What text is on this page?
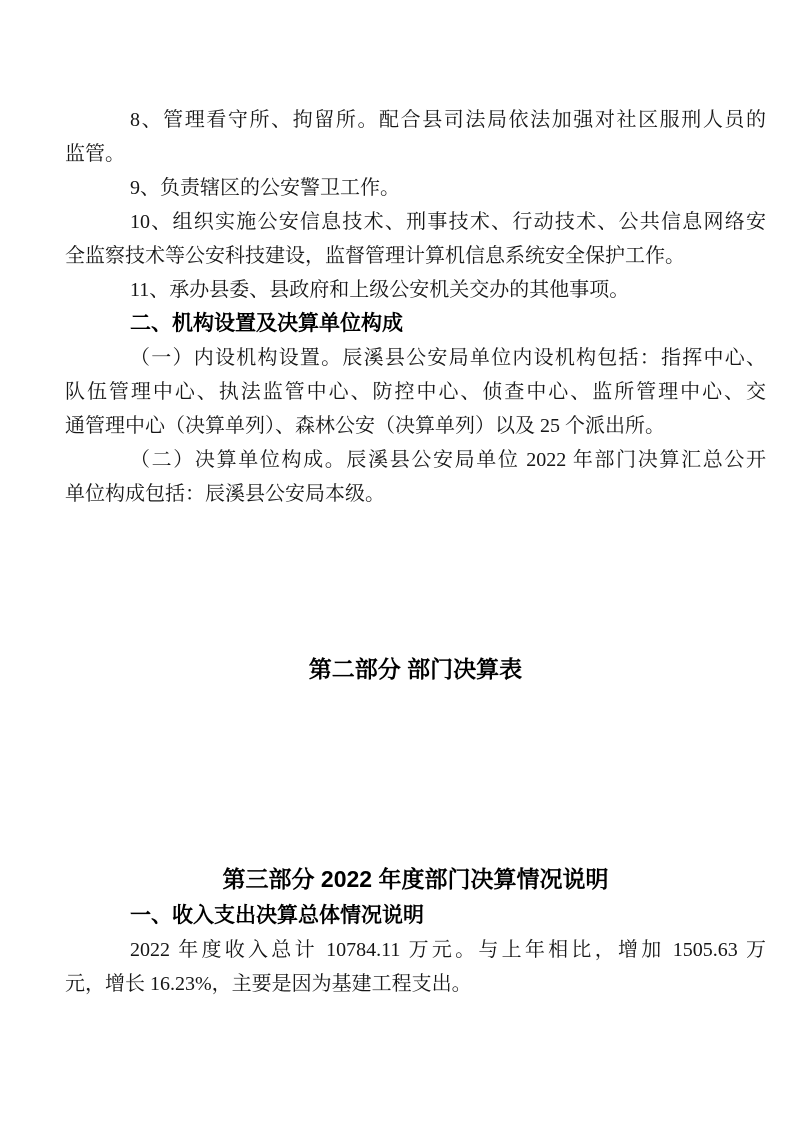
8、管理看守所、拘留所。配合县司法局依法加强对社区服刑人员的
监管。
9、负责辖区的公安警卫工作。
10、组织实施公安信息技术、刑事技术、行动技术、公共信息网络安
全监察技术等公安科技建设，监督管理计算机信息系统安全保护工作。
11、承办县委、县政府和上级公安机关交办的其他事项。
二、机构设置及决算单位构成
（一）内设机构设置。辰溪县公安局单位内设机构包括：指挥中心、
队伍管理中心、执法监管中心、防控中心、侦查中心、监所管理中心、交
通管理中心（决算单列）、森林公安（决算单列）以及 25 个派出所。
（二）决算单位构成。辰溪县公安局单位 2022 年部门决算汇总公开
单位构成包括：辰溪县公安局本级。
第二部分 部门决算表
第三部分 2022 年度部门决算情况说明
一、收入支出决算总体情况说明
2022 年度收入总计 10784.11 万元。与上年相比，增加 1505.63 万
元，增长 16.23%，主要是因为基建工程支出。
